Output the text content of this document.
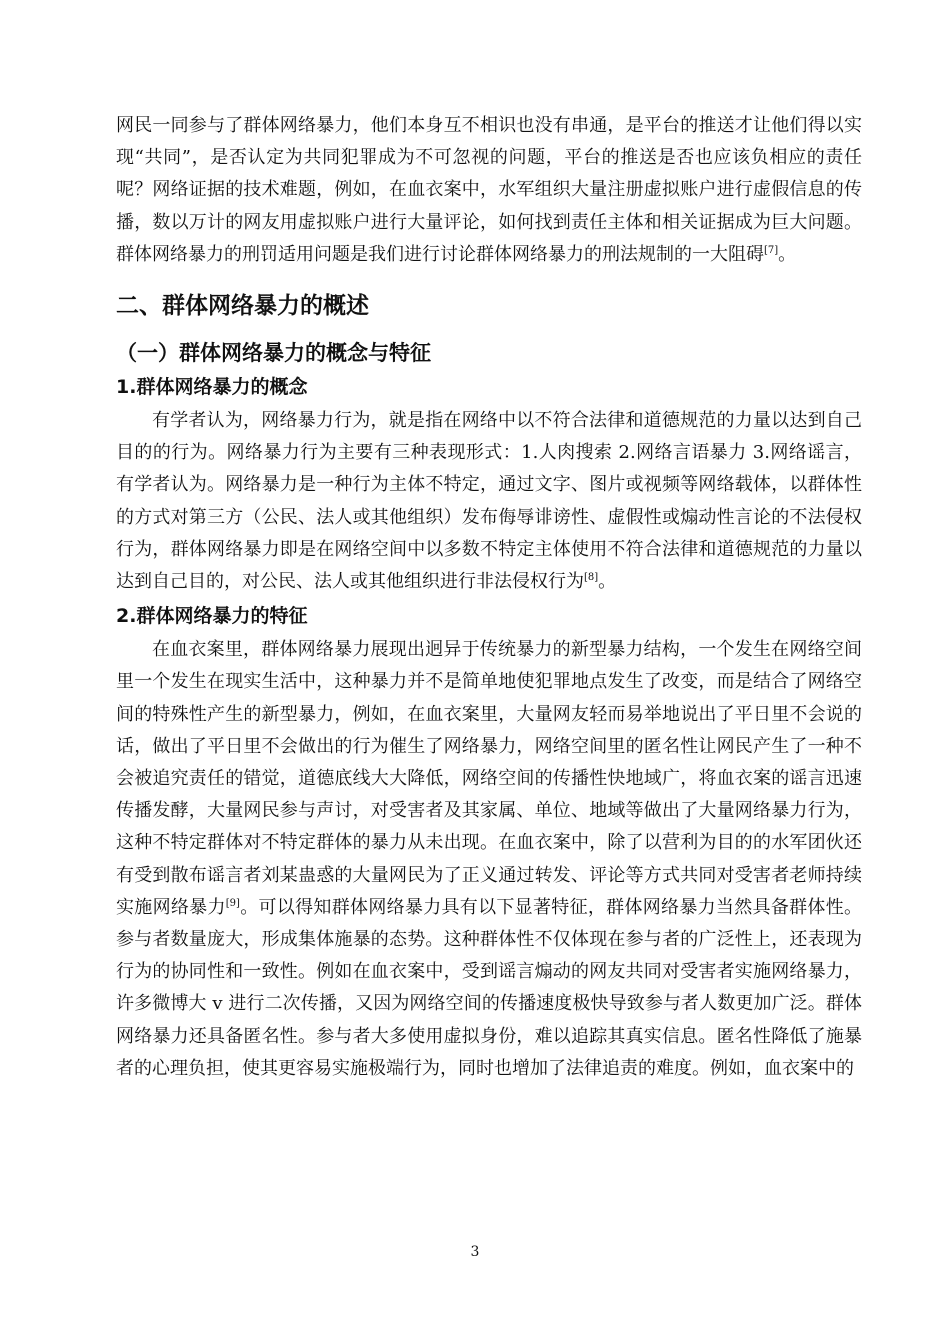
网民一同参与了群体网络暴力，他们本身互不相识也没有串通，是平台的推送才让他们得以实现“共同”，是否认定为共同犯罪成为不可忽视的问题，平台的推送是否也应该负相应的责任呢？网络证据的技术难题，例如，在血衣案中，水军组织大量注册虚拟账户进行虚假信息的传播，数以万计的网友用虚拟账户进行大量评论，如何找到责任主体和相关证据成为巨大问题。群体网络暴力的刑罚适用问题是我们进行讨论群体网络暴力的刑法规制的一大阻碍[7]。

二、群体网络暴力的概述
（一）群体网络暴力的概念与特征
1.群体网络暴力的概念

有学者认为，网络暴力行为，就是指在网络中以不符合法律和道德规范的力量以达到自己目的的行为。网络暴力行为主要有三种表现形式：1.人肉搜索 2.网络言语暴力 3.网络谣言，有学者认为。网络暴力是一种行为主体不特定，通过文字、图片或视频等网络载体，以群体性的方式对第三方（公民、法人或其他组织）发布侮辱诽谤性、虚假性或煽动性言论的不法侵权行为，群体网络暴力即是在网络空间中以多数不特定主体使用不符合法律和道德规范的力量以达到自己目的，对公民、法人或其他组织进行非法侵权行为[8]。

2.群体网络暴力的特征

在血衣案里，群体网络暴力展现出迥异于传统暴力的新型暴力结构，一个发生在网络空间里一个发生在现实生活中，这种暴力并不是简单地使犯罪地点发生了改变，而是结合了网络空间的特殊性产生的新型暴力，例如，在血衣案里，大量网友轻而易举地说出了平日里不会说的话，做出了平日里不会做出的行为催生了网络暴力，网络空间里的匿名性让网民产生了一种不会被追究责任的错觉，道德底线大大降低，网络空间的传播性快地域广，将血衣案的谣言迅速传播发酵，大量网民参与声讨，对受害者及其家属、单位、地域等做出了大量网络暴力行为，这种不特定群体对不特定群体的暴力从未出现。在血衣案中，除了以营利为目的的水军团伙还有受到散布谣言者刘某蛊惑的大量网民为了正义通过转发、评论等方式共同对受害者老师持续实施网络暴力[9]。可以得知群体网络暴力具有以下显著特征，群体网络暴力当然具备群体性。参与者数量庞大，形成集体施暴的态势。这种群体性不仅体现在参与者的广泛性上，还表现为行为的协同性和一致性。例如在血衣案中，受到谣言煽动的网友共同对受害者实施网络暴力，许多微博大 v 进行二次传播，又因为网络空间的传播速度极快导致参与者人数更加广泛。群体网络暴力还具备匿名性。参与者大多使用虚拟身份，难以追踪其真实信息。匿名性降低了施暴者的心理负担，使其更容易实施极端行为，同时也增加了法律追责的难度。例如，血衣案中的

3
